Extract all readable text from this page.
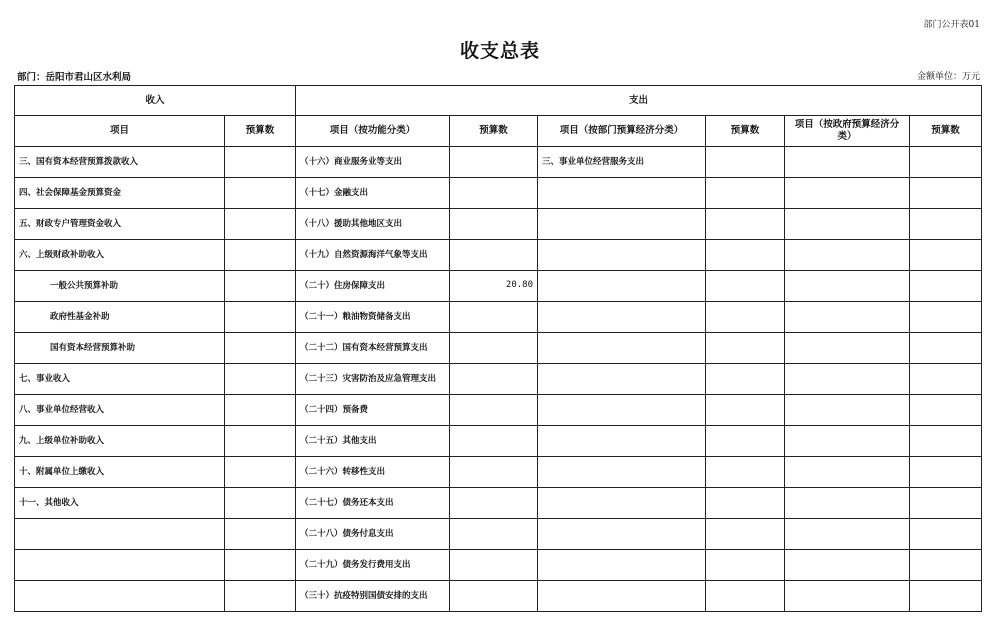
部门公开表01
收支总表
部门：岳阳市君山区水利局	金额单位：万元
收入		支出					
项目	预算数	项目（按功能分类）	预算数	项目（按部门预算经济分类）	预算数	项目（按政府预算经济分类）	预算数
三、国有资本经营预算拨款收入		（十六）商业服务业等支出		三、事业单位经营服务支出			
四、社会保障基金预算资金		（十七）金融支出					
五、财政专户管理资金收入		（十八）援助其他地区支出					
六、上级财政补助收入		（十九）自然资源海洋气象等支出					
一般公共预算补助		（二十）住房保障支出	20.80				
政府性基金补助		（二十一）粮油物资储备支出					
国有资本经营预算补助		（二十二）国有资本经营预算支出					
七、事业收入		（二十三）灾害防治及应急管理支出					
八、事业单位经营收入		（二十四）预备费					
九、上级单位补助收入		（二十五）其他支出					
十、附属单位上缴收入		（二十六）转移性支出					
十一、其他收入		（二十七）债务还本支出					
		（二十八）债务付息支出					
		（二十九）债务发行费用支出					
		（三十）抗疫特别国债安排的支出					
